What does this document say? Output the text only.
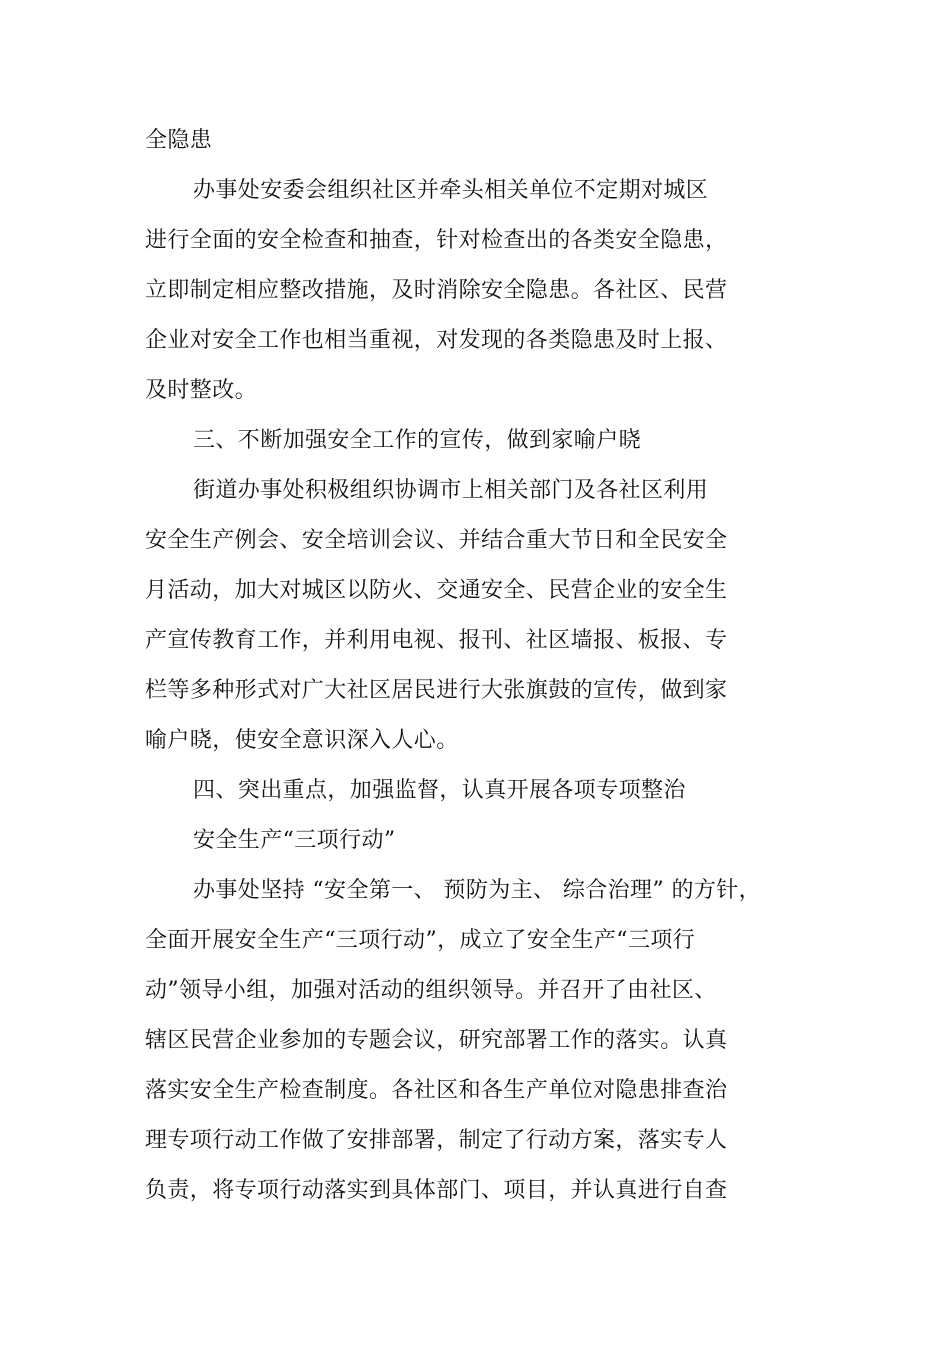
全隐患
办事处安委会组织社区并牵头相关单位不定期对城区
进行全面的安全检查和抽查，针对检查出的各类安全隐患，
立即制定相应整改措施，及时消除安全隐患。各社区、民营
企业对安全工作也相当重视，对发现的各类隐患及时上报、
及时整改。
三、不断加强安全工作的宣传，做到家喻户晓
街道办事处积极组织协调市上相关部门及各社区利用
安全生产例会、安全培训会议、并结合重大节日和全民安全
月活动，加大对城区以防火、交通安全、民营企业的安全生
产宣传教育工作，并利用电视、报刊、社区墙报、板报、专
栏等多种形式对广大社区居民进行大张旗鼓的宣传，做到家
喻户晓，使安全意识深入人心。
四、突出重点，加强监督，认真开展各项专项整治
安全生产“三项行动”
办事处坚持 “安全第一、 预防为主、 综合治理” 的方针，
全面开展安全生产“三项行动”，成立了安全生产“三项行
动”领导小组，加强对活动的组织领导。并召开了由社区、
辖区民营企业参加的专题会议，研究部署工作的落实。认真
落实安全生产检查制度。各社区和各生产单位对隐患排查治
理专项行动工作做了安排部署，制定了行动方案，落实专人
负责，将专项行动落实到具体部门、项目，并认真进行自查
